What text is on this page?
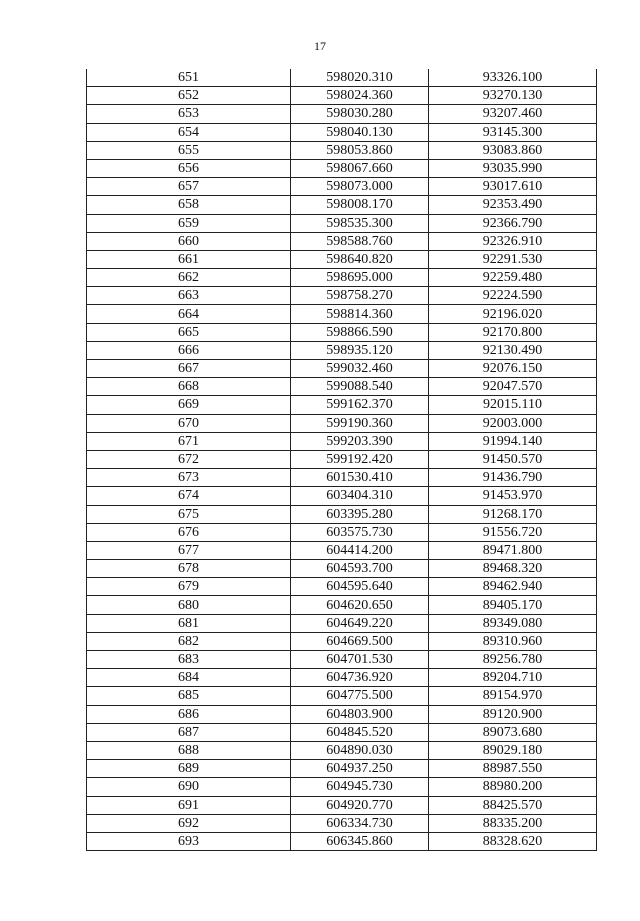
17
651	598020.310	93326.100
652	598024.360	93270.130
653	598030.280	93207.460
654	598040.130	93145.300
655	598053.860	93083.860
656	598067.660	93035.990
657	598073.000	93017.610
658	598008.170	92353.490
659	598535.300	92366.790
660	598588.760	92326.910
661	598640.820	92291.530
662	598695.000	92259.480
663	598758.270	92224.590
664	598814.360	92196.020
665	598866.590	92170.800
666	598935.120	92130.490
667	599032.460	92076.150
668	599088.540	92047.570
669	599162.370	92015.110
670	599190.360	92003.000
671	599203.390	91994.140
672	599192.420	91450.570
673	601530.410	91436.790
674	603404.310	91453.970
675	603395.280	91268.170
676	603575.730	91556.720
677	604414.200	89471.800
678	604593.700	89468.320
679	604595.640	89462.940
680	604620.650	89405.170
681	604649.220	89349.080
682	604669.500	89310.960
683	604701.530	89256.780
684	604736.920	89204.710
685	604775.500	89154.970
686	604803.900	89120.900
687	604845.520	89073.680
688	604890.030	89029.180
689	604937.250	88987.550
690	604945.730	88980.200
691	604920.770	88425.570
692	606334.730	88335.200
693	606345.860	88328.620
